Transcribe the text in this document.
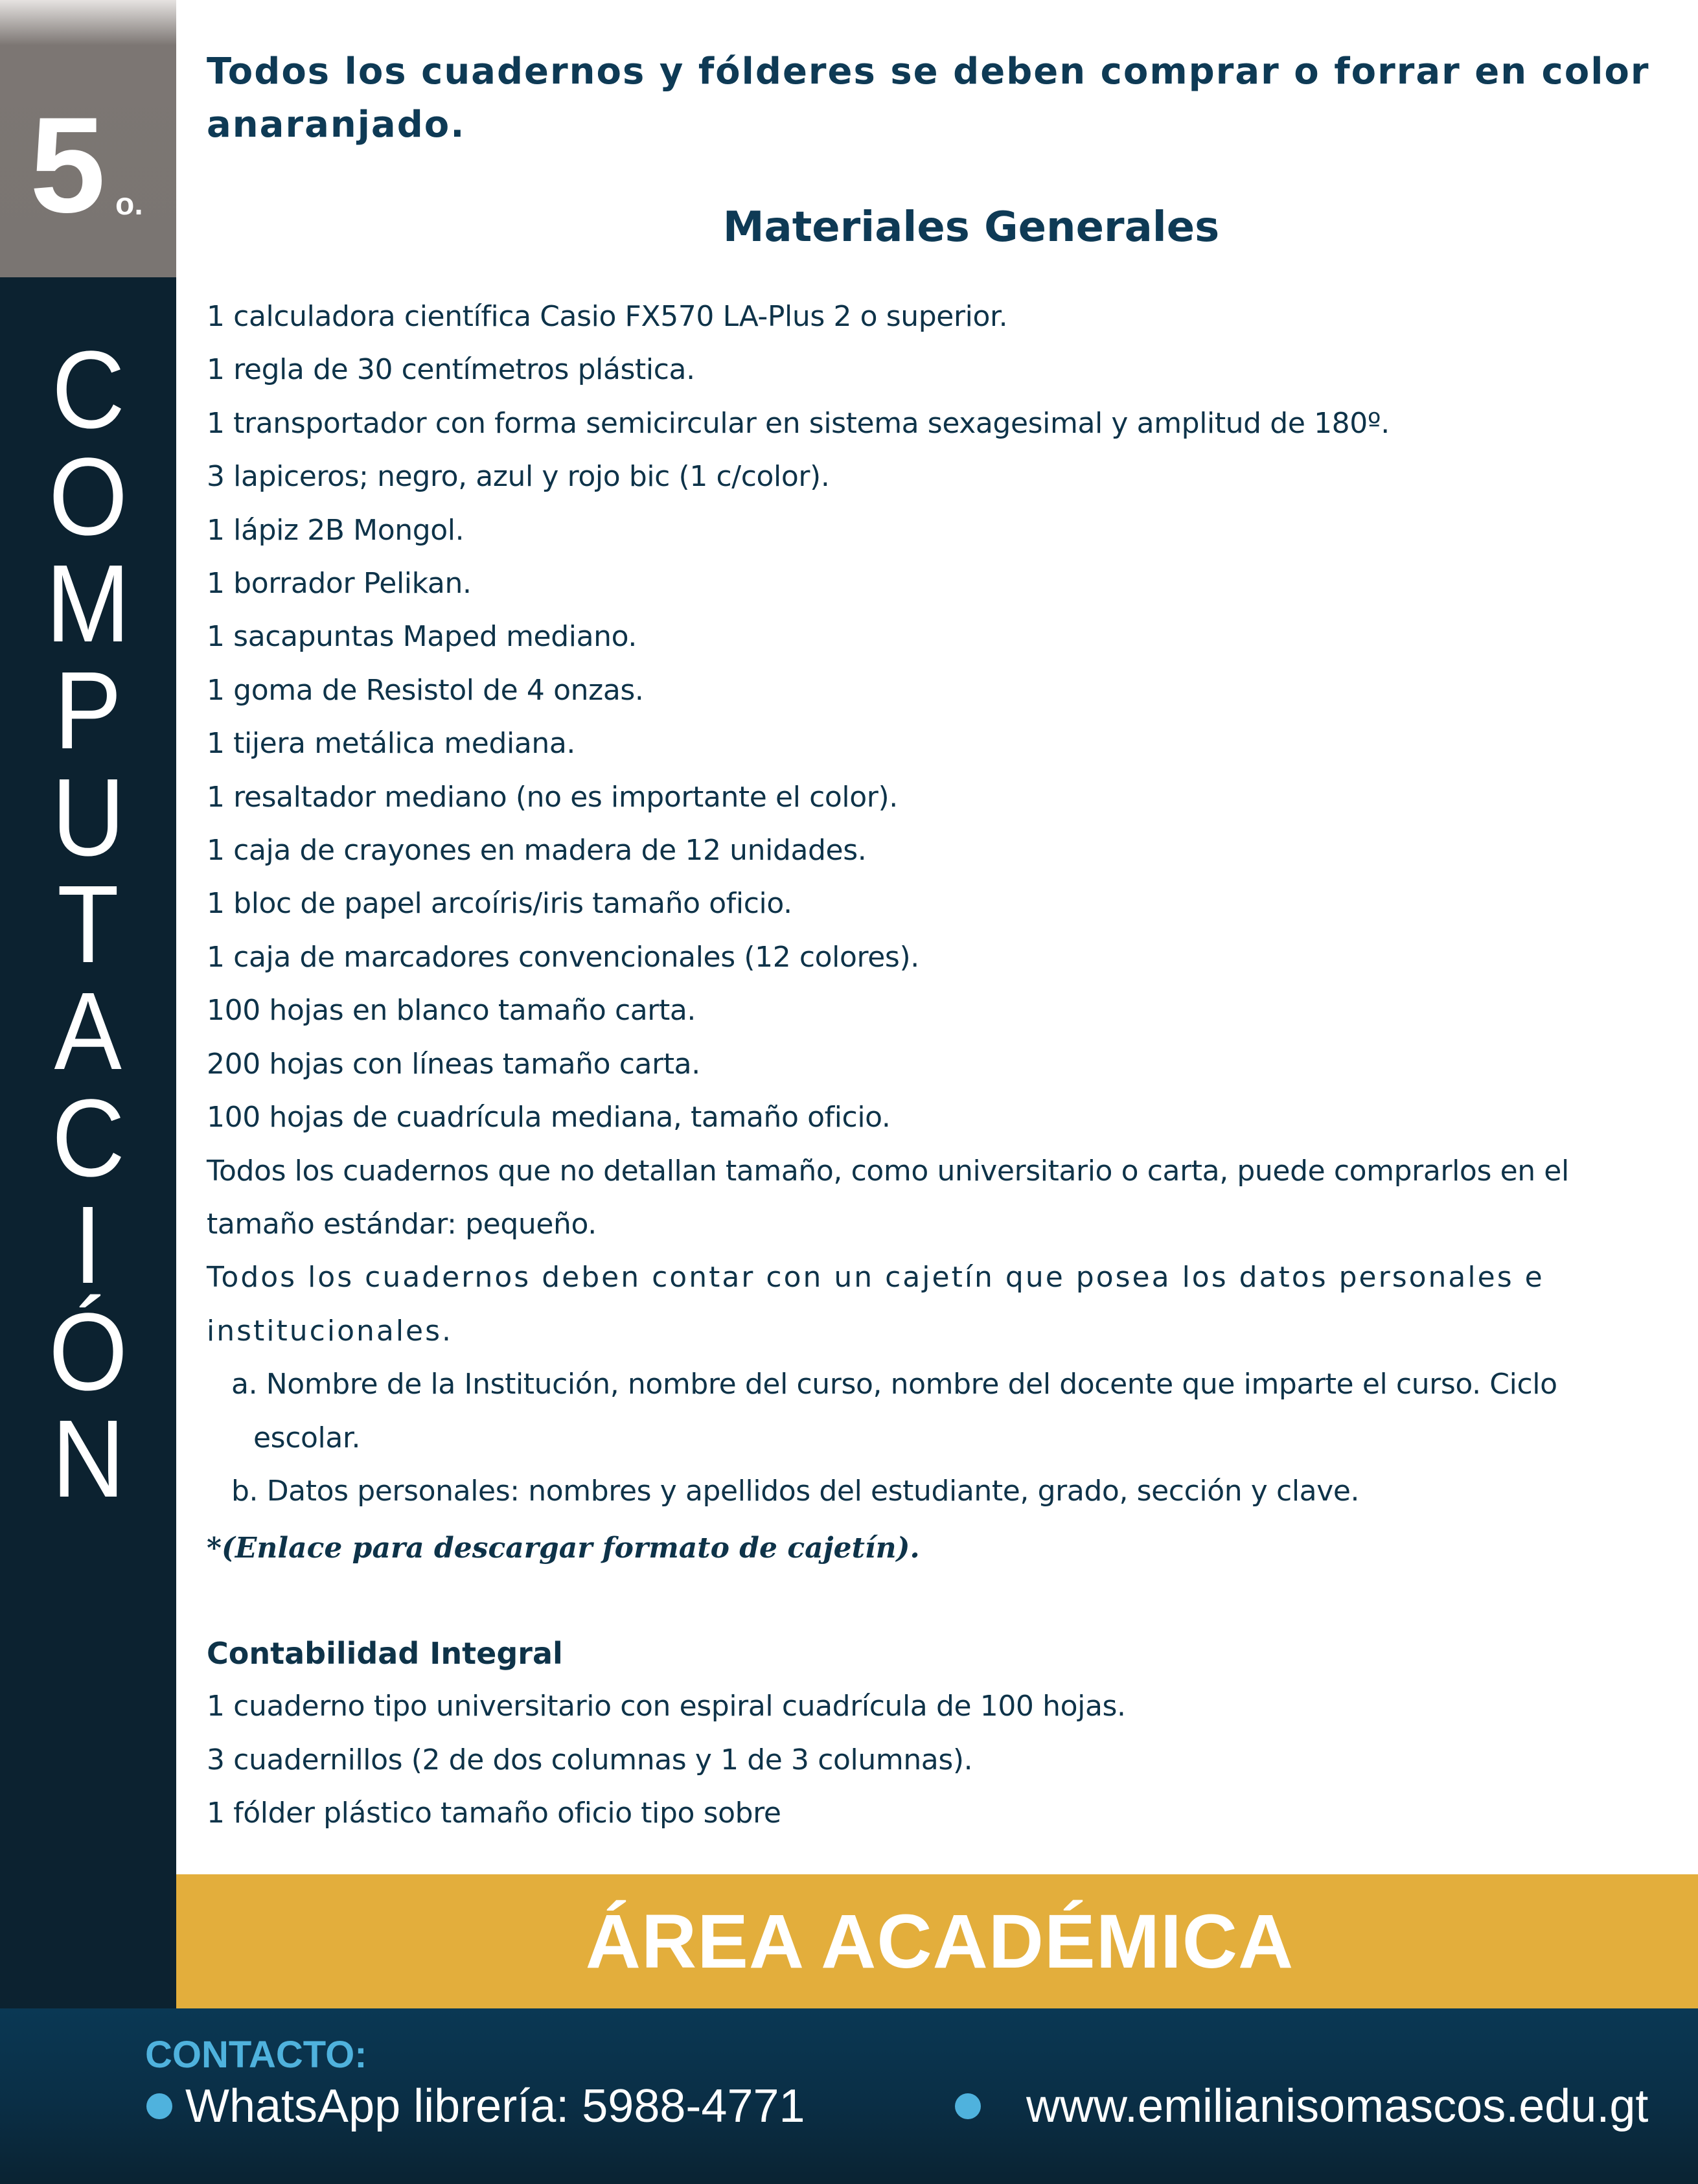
5 o.
C
O
M
P
U
T
A
C
I
Ó
N

Todos los cuadernos y fólderes se deben comprar o forrar en color anaranjado.

Materiales Generales
1 calculadora científica Casio FX570 LA-Plus 2 o superior.
1 regla de 30 centímetros plástica.
1 transportador con forma semicircular en sistema sexagesimal y amplitud de 180º.
3 lapiceros; negro, azul y rojo bic (1 c/color).
1 lápiz 2B Mongol.
1 borrador Pelikan.
1 sacapuntas Maped mediano.
1 goma de Resistol de 4 onzas.
1 tijera metálica mediana.
1 resaltador mediano (no es importante el color).
1 caja de crayones en madera de 12 unidades.
1 bloc de papel arcoíris/iris tamaño oficio.
1 caja de marcadores convencionales (12 colores).
100 hojas en blanco tamaño carta.
200 hojas con líneas tamaño carta.
100 hojas de cuadrícula mediana, tamaño oficio.
Todos los cuadernos que no detallan tamaño, como universitario o carta, puede comprarlos en el tamaño estándar: pequeño.
Todos los cuadernos deben contar con un cajetín que posea los datos personales e institucionales.
a. Nombre de la Institución, nombre del curso, nombre del docente que imparte el curso. Ciclo
escolar.
b. Datos personales: nombres y apellidos del estudiante, grado, sección y clave.
*(Enlace para descargar formato de cajetín).
Contabilidad Integral
1 cuaderno tipo universitario con espiral cuadrícula de 100 hojas.
3 cuadernillos (2 de dos columnas y 1 de 3 columnas).
1 fólder plástico tamaño oficio tipo sobre
ÁREA ACADÉMICA
CONTACTO:
WhatsApp librería: 5988-4771	www.emilianisomascos.edu.gt
